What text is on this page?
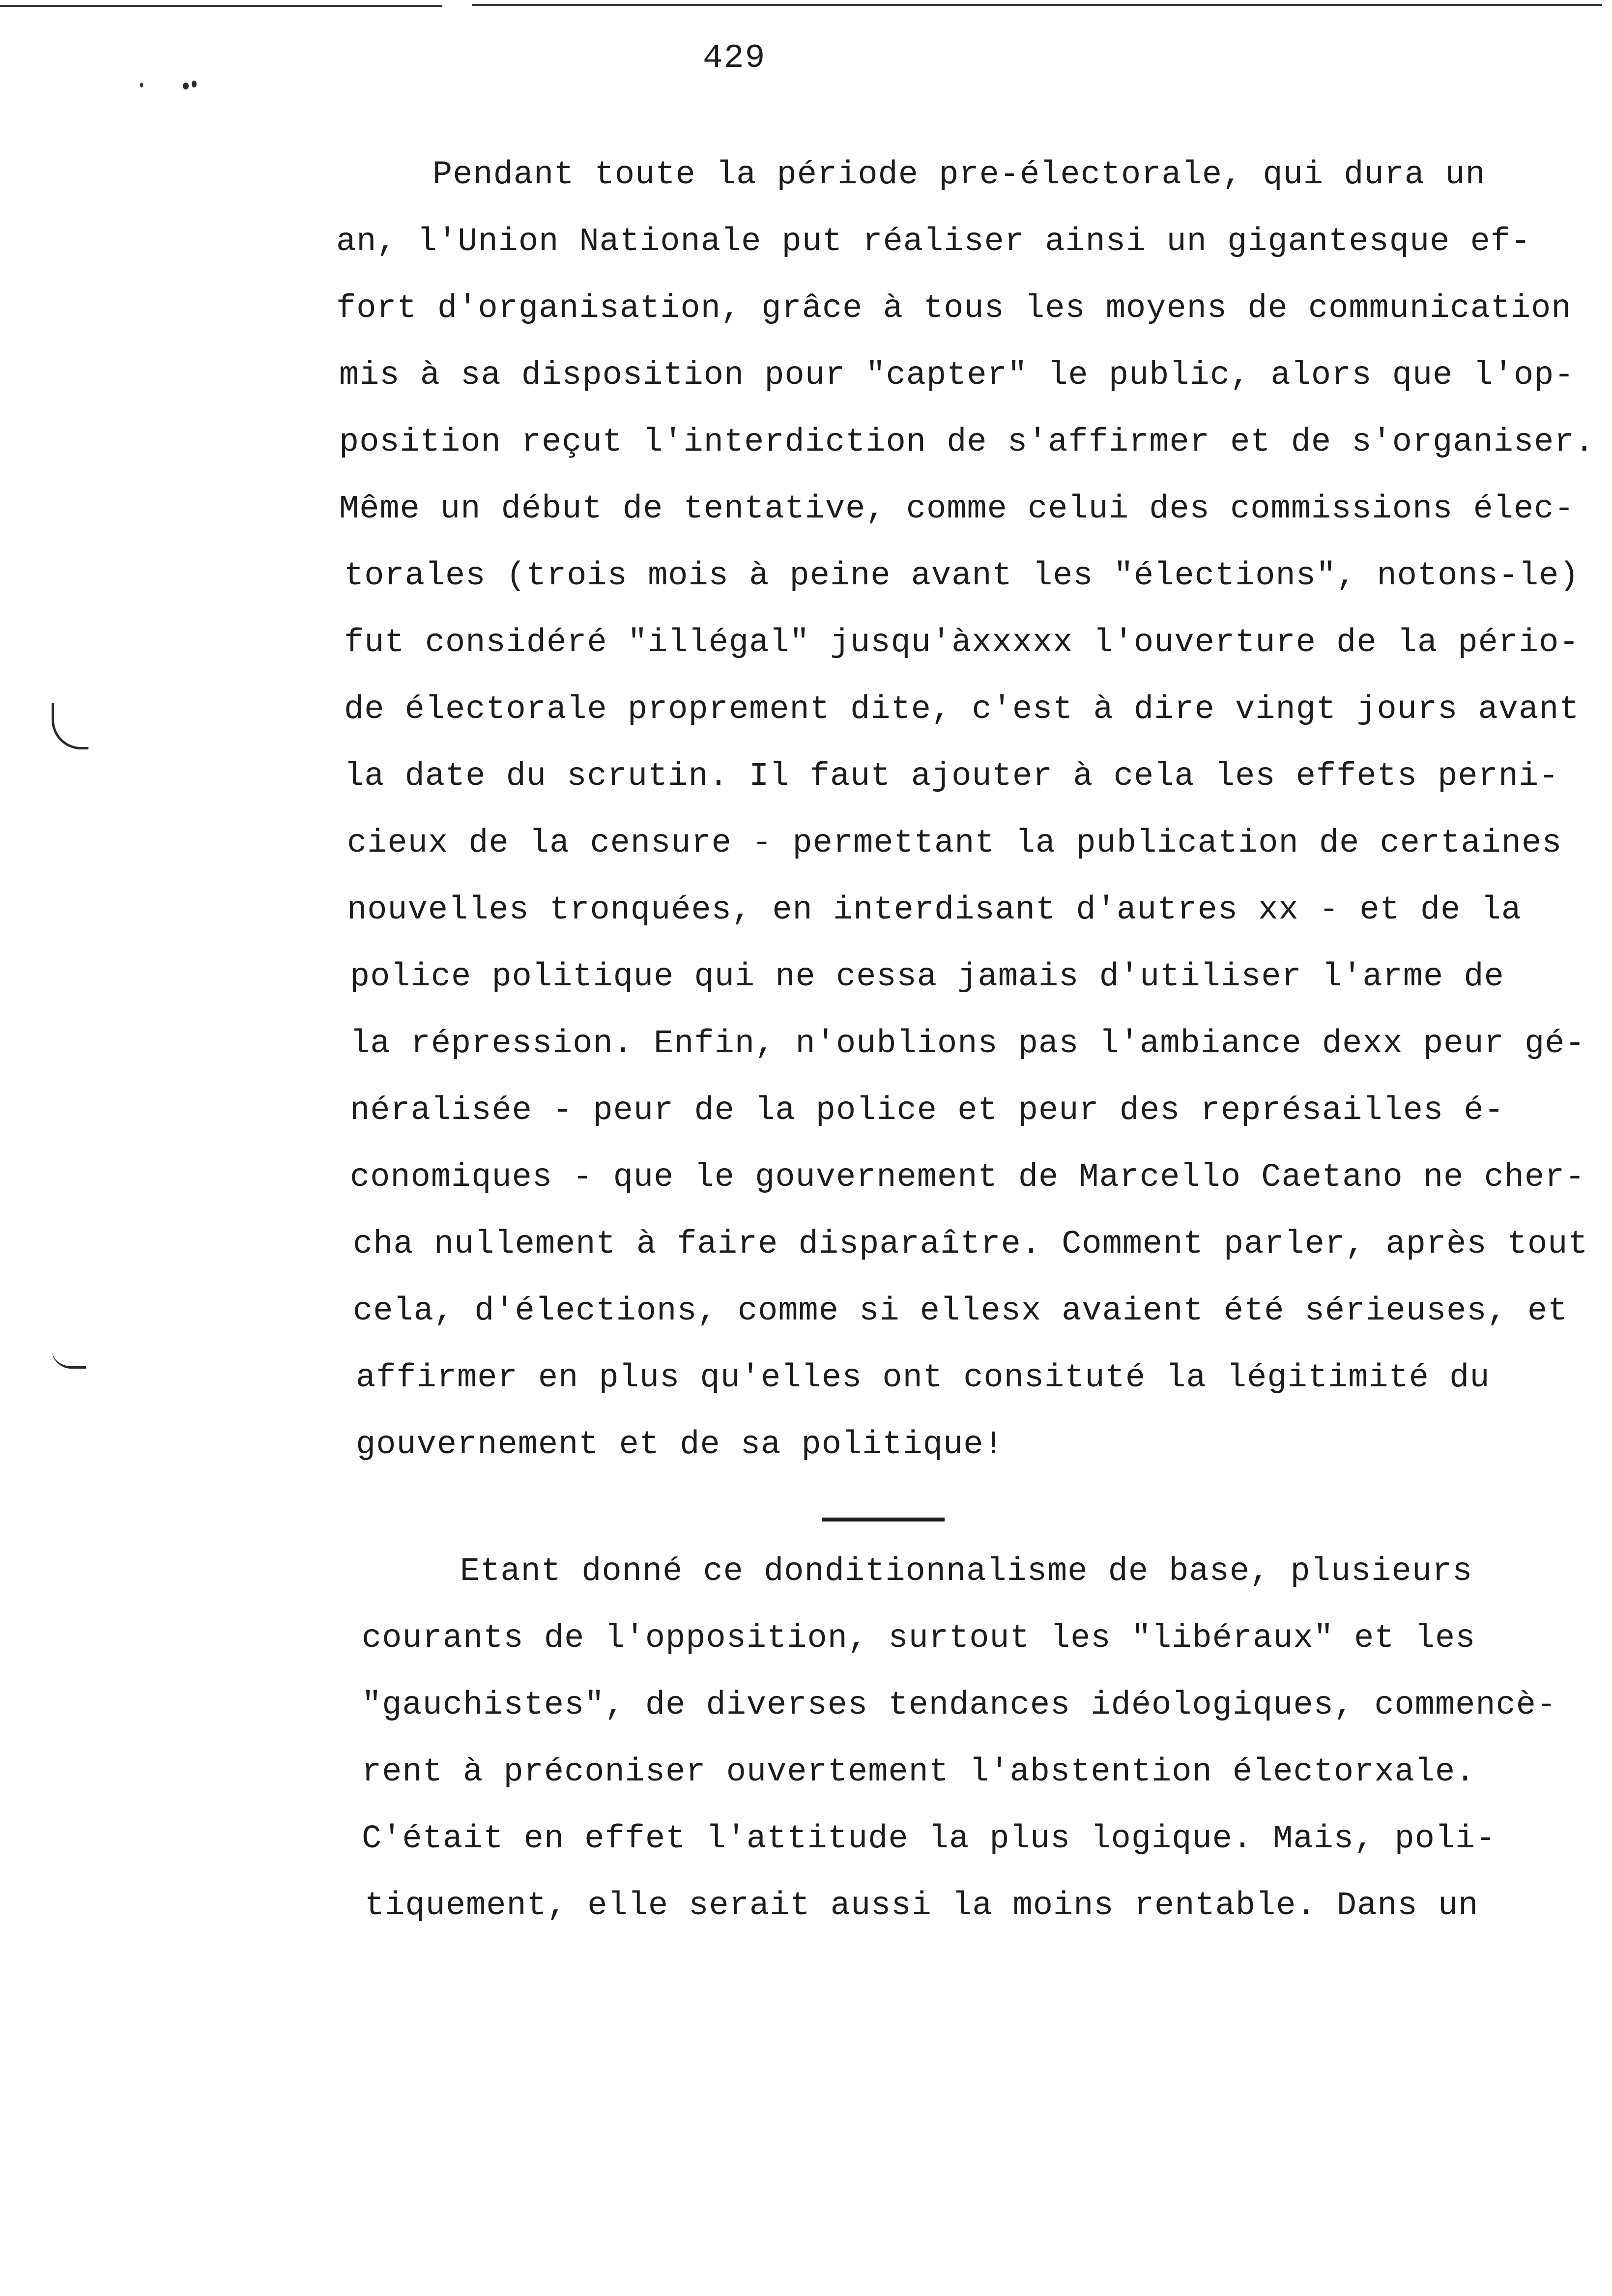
429
Pendant toute la période pre-électorale, qui dura un
an, l'Union Nationale put réaliser ainsi un gigantesque ef-
fort d'organisation, grâce à tous les moyens de communication
mis à sa disposition pour "capter" le public, alors que l'op-
position reçut l'interdiction de s'affirmer et de s'organiser.
Même un début de tentative, comme celui des commissions élec-
torales (trois mois à peine avant les "élections", notons-le)
fut considéré "illégal" jusqu'àxxxxx l'ouverture de la pério-
de électorale proprement dite, c'est à dire vingt jours avant
la date du scrutin. Il faut ajouter à cela les effets perni-
cieux de la censure - permettant la publication de certaines
nouvelles tronquées, en interdisant d'autres xx - et de la
police politique qui ne cessa jamais d'utiliser l'arme de
la répression. Enfin, n'oublions pas l'ambiance dexx peur gé-
néralisée - peur de la police et peur des représailles é-
conomiques - que le gouvernement de Marcello Caetano ne cher-
cha nullement à faire disparaître. Comment parler, après tout
cela, d'élections, comme si ellesx avaient été sérieuses, et
affirmer en plus qu'elles ont consituté la légitimité du
gouvernement et de sa politique!
Etant donné ce donditionnalisme de base, plusieurs
courants de l'opposition, surtout les "libéraux" et les
"gauchistes", de diverses tendances idéologiques, commencè-
rent à préconiser ouvertement l'abstention électorxale.
C'était en effet l'attitude la plus logique. Mais, poli-
tiquement, elle serait aussi la moins rentable. Dans un
